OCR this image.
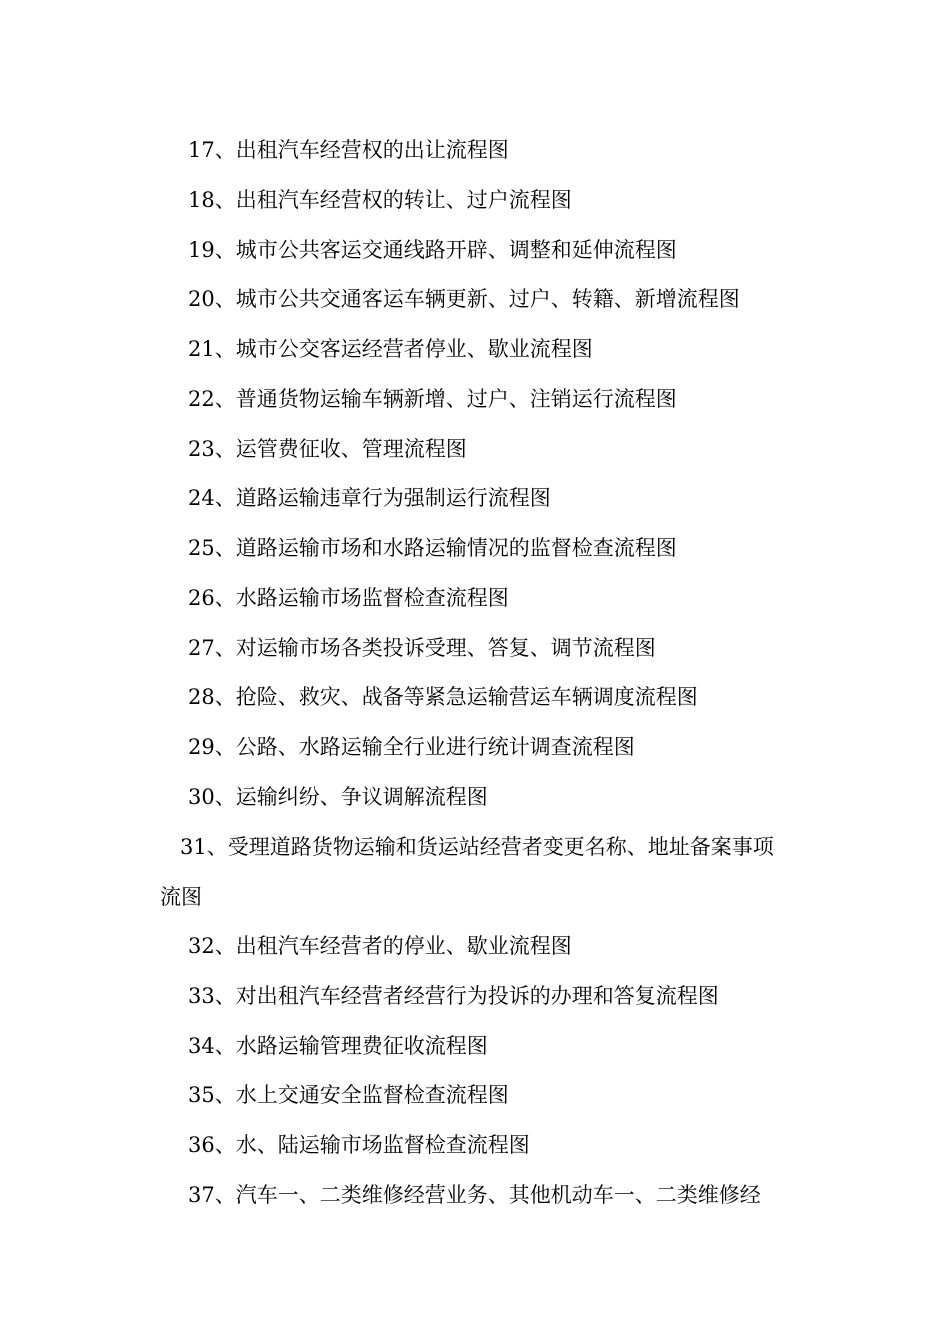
17、出租汽车经营权的出让流程图
18、出租汽车经营权的转让、过户流程图
19、城市公共客运交通线路开辟、调整和延伸流程图
20、城市公共交通客运车辆更新、过户、转籍、新增流程图
21、城市公交客运经营者停业、歇业流程图
22、普通货物运输车辆新增、过户、注销运行流程图
23、运管费征收、管理流程图
24、道路运输违章行为强制运行流程图
25、道路运输市场和水路运输情况的监督检查流程图
26、水路运输市场监督检查流程图
27、对运输市场各类投诉受理、答复、调节流程图
28、抢险、救灾、战备等紧急运输营运车辆调度流程图
29、公路、水路运输全行业进行统计调查流程图
30、运输纠纷、争议调解流程图
31、受理道路货物运输和货运站经营者变更名称、地址备案事项
流图
32、出租汽车经营者的停业、歇业流程图
33、对出租汽车经营者经营行为投诉的办理和答复流程图
34、水路运输管理费征收流程图
35、水上交通安全监督检查流程图
36、水、陆运输市场监督检查流程图
37、汽车一、二类维修经营业务、其他机动车一、二类维修经
